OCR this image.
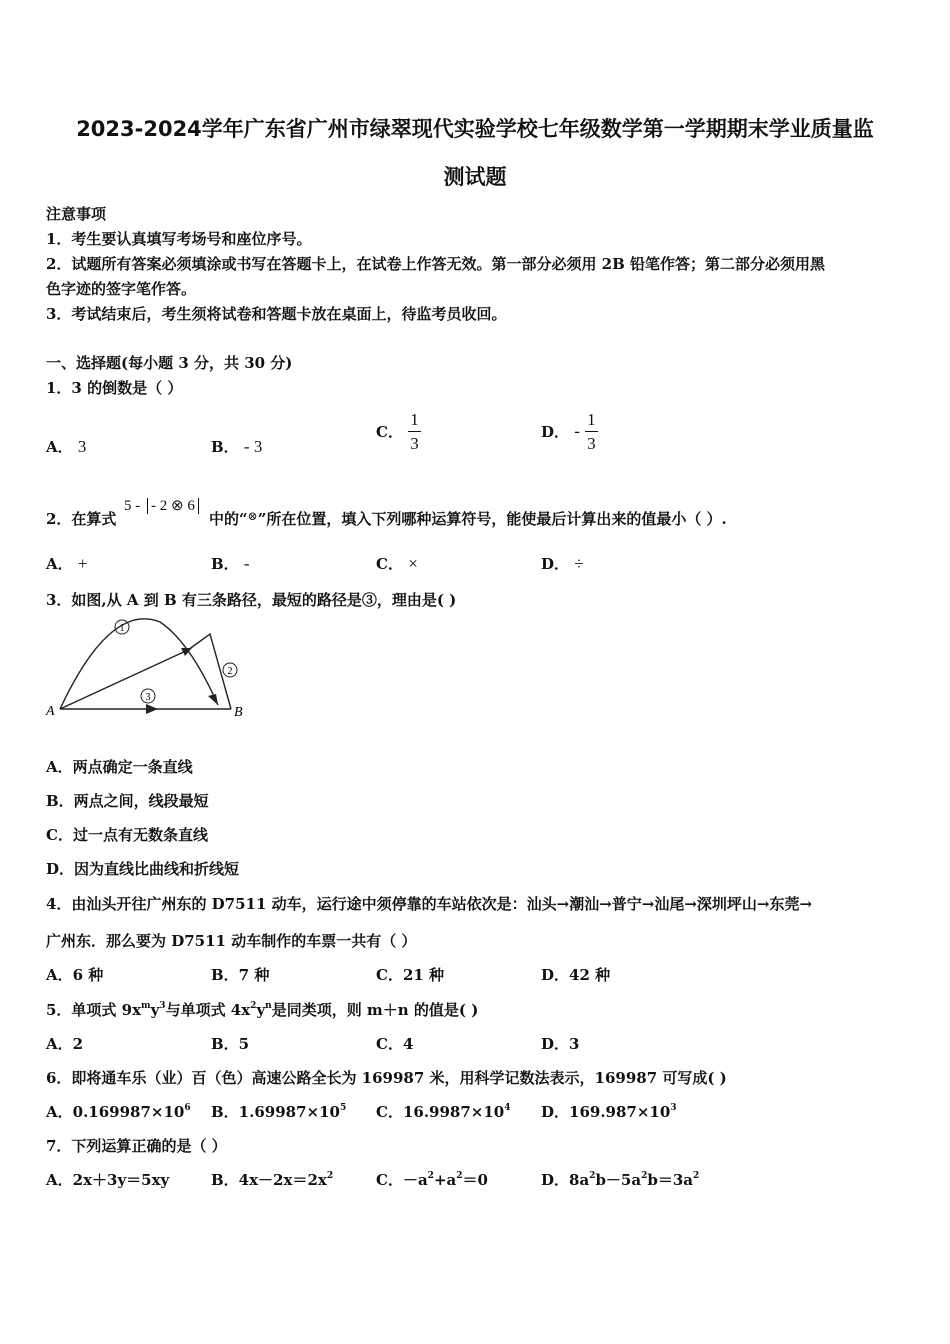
2023-2024学年广东省广州市绿翠现代实验学校七年级数学第一学期期末学业质量监
测试题
注意事项
1．考生要认真填写考场号和座位序号。
2．试题所有答案必须填涂或书写在答题卡上，在试卷上作答无效。第一部分必须用 2B 铅笔作答；第二部分必须用黑
色字迹的签字笔作答。
3．考试结束后，考生须将试卷和答题卡放在桌面上，待监考员收回。
一、选择题(每小题 3 分，共 30 分)
1．3 的倒数是（ ）
A． 3	B． - 3
C． $\frac{1}{3}$	D． - $\frac{1}{3}$
2．在算式
5 - - 2 ⊗ 6
中的“⊗”所在位置，填入下列哪种运算符号，能使最后计算出来的值最小（ ）.
A． +	B． -	C． ×	D． ÷
3．如图,从 A 到 B 有三条路径，最短的路径是③，理由是( )
1
2
3
A	B
A．两点确定一条直线
B．两点之间，线段最短
C．过一点有无数条直线
D．因为直线比曲线和折线短
4．由汕头开往广州东的 D7511 动车，运行途中须停靠的车站依次是：汕头→潮汕→普宁→汕尾→深圳坪山→东莞→
广州东．那么要为 D7511 动车制作的车票一共有（ ）
A．6 种	B．7 种	C．21 种	D．42 种
5．单项式 $9x^my^3$与单项式 $4x^2y^n$是同类项，则 m＋n 的值是( )
A．2	B．5	C．4	D．3
6．即将通车乐（业）百（色）高速公路全长为 169987 米，用科学记数法表示，169987 可写成( )
A．$0.169987\times 10^6$ B．$1.69987\times 10^5$ C．$16.9987\times 10^4$ D．$169.987\times 10^3$
7．下列运算正确的是（ ）
A．2x＋3y＝5xy	B．$4x-2x=2x^2$	C．$-a^2+a^2=0$	D．$8a^2b-5a^2b=3a^2$
